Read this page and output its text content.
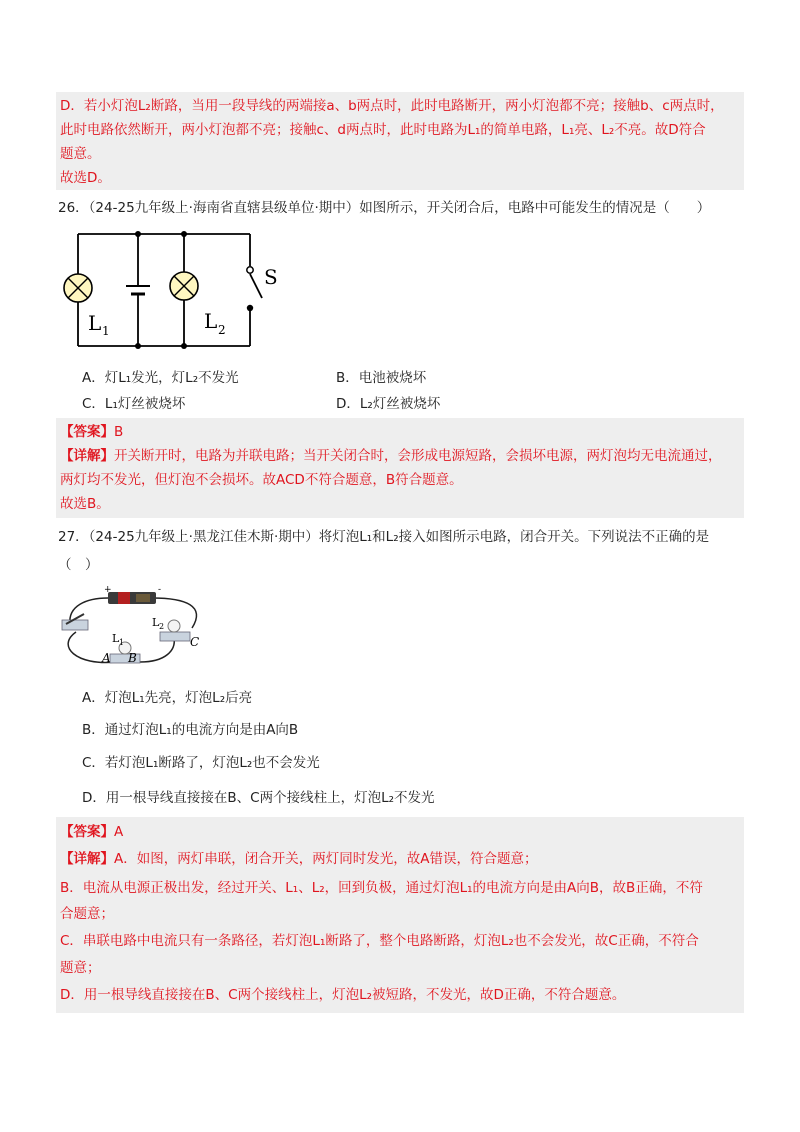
D．若小灯泡L₂断路，当用一段导线的两端接a、b两点时，此时电路断开，两小灯泡都不亮；接触b、c两点时，
此时电路依然断开，两小灯泡都不亮；接触c、d两点时，此时电路为L₁的简单电路，L₁亮、L₂不亮。故D符合
题意。
故选D。
26．（24-25九年级上·海南省直辖县级单位·期中）如图所示，开关闭合后，电路中可能发生的情况是（　　）
L 1	L 2
S
A．灯L₁发光，灯L₂不发光	B．电池被烧坏
C．L₁灯丝被烧坏	D．L₂灯丝被烧坏
【答案】B
【详解】开关断开时，电路为并联电路；当开关闭合时，会形成电源短路，会损坏电源，两灯泡均无电流通过，
两灯均不发光，但灯泡不会损坏。故ACD不符合题意，B符合题意。
故选B。
27．（24-25九年级上·黑龙江佳木斯·期中）将灯泡L₁和L₂接入如图所示电路，闭合开关。下列说法不正确的是
（　）
+	-
L 1
L 2
A B
C
A．灯泡L₁先亮，灯泡L₂后亮
B．通过灯泡L₁的电流方向是由A向B
C．若灯泡L₁断路了，灯泡L₂也不会发光
D．用一根导线直接接在B、C两个接线柱上，灯泡L₂不发光
【答案】A
【详解】A．如图，两灯串联，闭合开关，两灯同时发光，故A错误，符合题意；
B．电流从电源正极出发，经过开关、L₁、L₂，回到负极，通过灯泡L₁的电流方向是由A向B，故B正确，不符
合题意；
C．串联电路中电流只有一条路径，若灯泡L₁断路了，整个电路断路，灯泡L₂也不会发光，故C正确，不符合
题意；
D．用一根导线直接接在B、C两个接线柱上，灯泡L₂被短路，不发光，故D正确，不符合题意。
